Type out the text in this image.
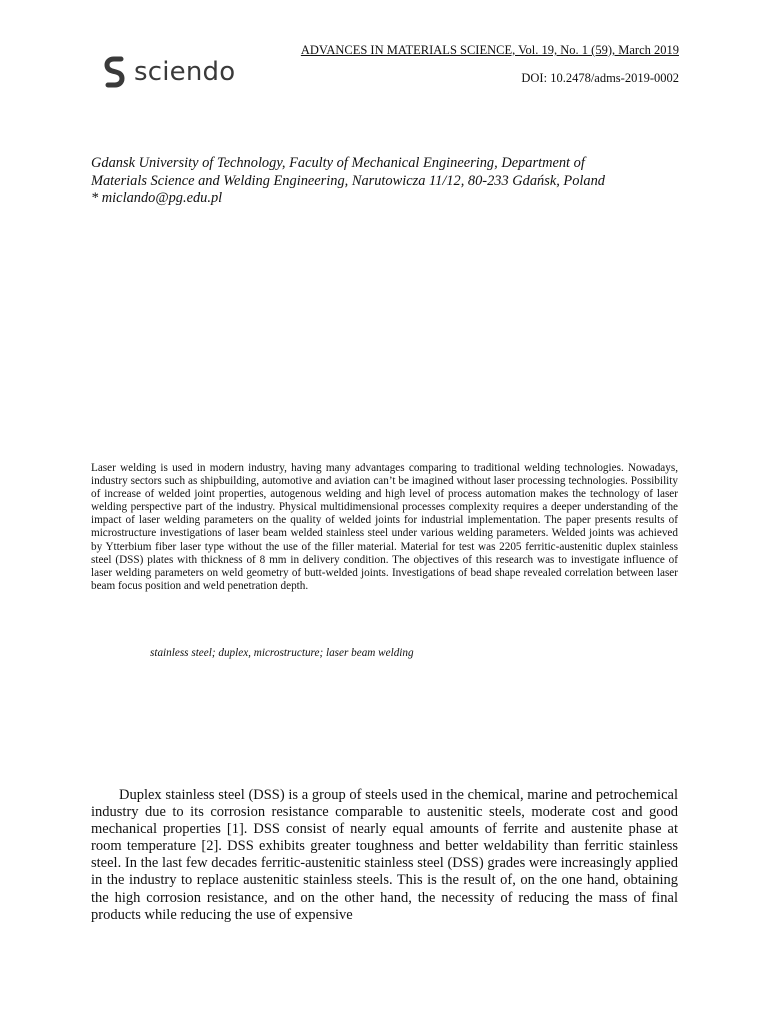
sciendo
ADVANCES IN MATERIALS SCIENCE, Vol. 19, No. 1 (59), March 2019
DOI: 10.2478/adms-2019-0002
Gdansk University of Technology, Faculty of Mechanical Engineering, Department of
Materials Science and Welding Engineering, Narutowicza 11/12, 80-233 Gdańsk, Poland
* miclando@pg.edu.pl

Laser welding is used in modern industry, having many advantages comparing to traditional welding technologies. Nowadays, industry sectors such as shipbuilding, automotive and aviation can’t be imagined without laser processing technologies. Possibility of increase of welded joint properties, autogenous welding and high level of process automation makes the technology of laser welding perspective part of the industry. Physical multidimensional processes complexity requires a deeper understanding of the impact of laser welding parameters on the quality of welded joints for industrial implementation. The paper presents results of microstructure investigations of laser beam welded stainless steel under various welding parameters. Welded joints was achieved by Ytterbium fiber laser type without the use of the filler material. Material for test was 2205 ferritic-austenitic duplex stainless steel (DSS) plates with thickness of 8 mm in delivery condition. The objectives of this research was to investigate influence of laser welding parameters on weld geometry of butt-welded joints. Investigations of bead shape revealed correlation between laser beam focus position and weld penetration depth.

stainless steel; duplex, microstructure; laser beam welding

Duplex stainless steel (DSS) is a group of steels used in the chemical, marine and petrochemical industry due to its corrosion resistance comparable to austenitic steels, moderate cost and good mechanical properties [1]. DSS consist of nearly equal amounts of ferrite and austenite phase at room temperature [2]. DSS exhibits greater toughness and better weldability than ferritic stainless steel. In the last few decades ferritic-austenitic stainless steel (DSS) grades were increasingly applied in the industry to replace austenitic stainless steels. This is the result of, on the one hand, obtaining the high corrosion resistance, and on the other hand, the necessity of reducing the mass of final products while reducing the use of expensive
